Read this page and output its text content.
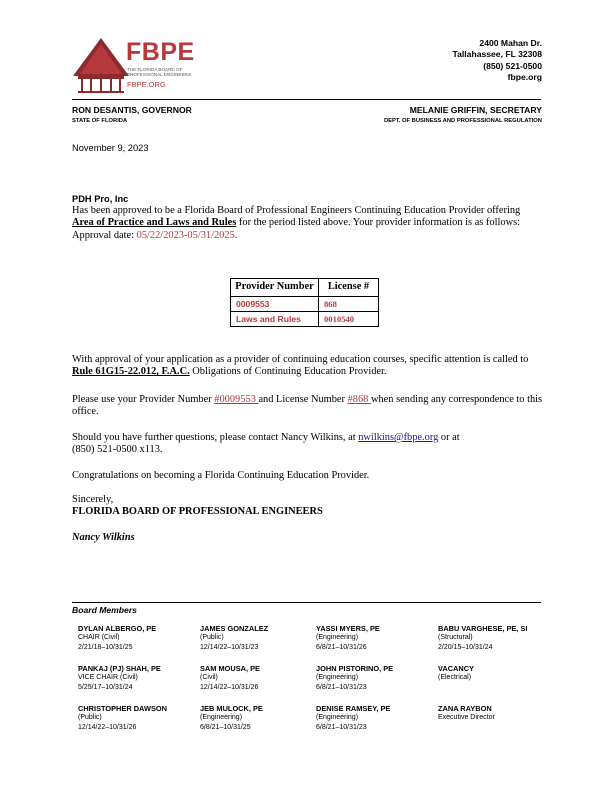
FBPE
THE FLORIDA BOARD OF PROFESSIONAL ENGINEERS
FBPE.ORG
2400 Mahan Dr.
Tallahassee, FL 32308
(850) 521-0500
fbpe.org
RON DESANTIS, GOVERNOR
STATE OF FLORIDA
MELANIE GRIFFIN, SECRETARY
DEPT. OF BUSINESS AND PROFESSIONAL REGULATION
November 9, 2023
PDH Pro, Inc
Has been approved to be a Florida Board of Professional Engineers Continuing Education Provider offering Area of Practice and Laws and Rules for the period listed above. Your provider information is as follows:
Approval date: 05/22/2023-05/31/2025.
Provider Number	License #
0009553	868
Laws and Rules	0010540
With approval of your application as a provider of continuing education courses, specific attention is called to Rule 61G15-22.012, F.A.C. Obligations of Continuing Education Provider.
Please use your Provider Number #0009553 and License Number #868 when sending any correspondence to this office.
Should you have further questions, please contact Nancy Wilkins, at nwilkins@fbpe.org or at
(850) 521-0500 x113.
Congratulations on becoming a Florida Continuing Education Provider.
Sincerely,
FLORIDA BOARD OF PROFESSIONAL ENGINEERS
Nancy Wilkins
Board Members
DYLAN ALBERGO, PE
CHAIR (Civil)
2/21/18–10/31/25
JAMES GONZALEZ
(Public)
12/14/22–10/31/23
YASSI MYERS, PE
(Engineering)
6/8/21–10/31/26
BABU VARGHESE, PE, SI
(Structural)
2/20/15–10/31/24
PANKAJ (PJ) SHAH, PE
VICE CHAIR (Civil)
5/25/17–10/31/24
SAM MOUSA, PE
(Civil)
12/14/22–10/31/26
JOHN PISTORINO, PE
(Engineering)
6/8/21–10/31/23
VACANCY
(Electrical)
CHRISTOPHER DAWSON
(Public)
12/14/22–10/31/26
JEB MULOCK, PE
(Engineering)
6/8/21–10/31/25
DENISE RAMSEY, PE
(Engineering)
6/8/21–10/31/23
ZANA RAYBON
Executive Director
